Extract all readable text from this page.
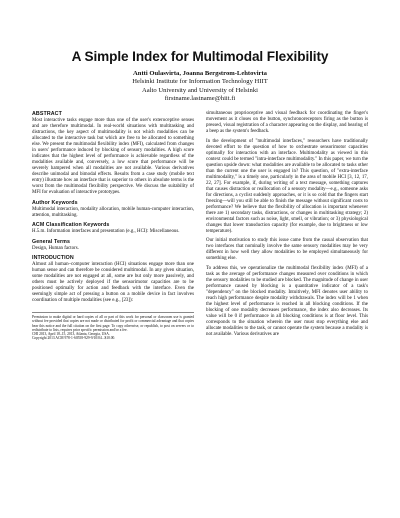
A Simple Index for Multimodal Flexibility
Antti Oulasvirta, Joanna Bergstrom-Lehtovirta
Helsinki Institute for Information Technology HIIT
Aalto University and University of Helsinki
firstname.lastname@hiit.fi
ABSTRACT
Most interactive tasks engage more than one of the user's exteroceptive senses and are therefore multimodal. In real-world situations with multitasking and distractions, the key aspect of multimodality is not which modalities can be allocated to the interactive task but which are free to be allocated to something else. We present the multimodal flexibility index (MFI), calculated from changes in users' performance induced by blocking of sensory modalities. A high score indicates that the highest level of performance is achievable regardless of the modalities available and, conversely, a low score that performance will be severely hampered when all modalities are not available. Various derivatives describe unimodal and bimodal effects. Results from a case study (mobile text entry) illustrate how an interface that is superior to others in absolute terms is the worst from the multimodal flexibility perspective. We discuss the suitability of MFI for evaluation of interactive prototypes.
Author Keywords
Multimodal interaction, modality allocation, mobile human-computer interaction, attention, multitasking.
ACM Classification Keywords
H.5.m. Information interfaces and presentation (e.g., HCI): Miscellaneous.
General Terms
Design, Human factors.
INTRODUCTION
Almost all human–computer interaction (HCI) situations engage more than one human sense and can therefore be considered multimodal. In any given situation, some modalities are not engaged at all, some are but only more passively, and others must be actively deployed if the sensorimotor capacities are to be positioned optimally for action and feedback with the interface. Even the seemingly simple act of pressing a button on a mobile device in fact involves coordination of multiple modalities (see e.g., [23]):
Permission to make digital or hard copies of all or part of this work for personal or classroom use is granted without fee provided that copies are not made or distributed for profit or commercial advantage and that copies bear this notice and the full citation on the first page. To copy otherwise, or republish, to post on servers or to redistribute to lists, requires prior specific permission and/or a fee.
CHI 2013, April 18–15, 2013, Atlanta, Georgia, USA.
Copyright 2013 ACM 978-1-60558-929-9/10/04...$10.00.
simultaneous proprioceptive and visual feedback for coordinating the finger's movement as it closes on the button, synchronoreceptors firing as the button is pressed, visual registration of a character appearing on the display, and hearing of a beep as the system's feedback.
In the development of "multimodal interfaces," researchers have traditionally devoted effort to the question of how to orchestrate sensorimotor capacities optimally for interaction with an interface. Multimodality as viewed in this context could be termed "intra-interface multimodality." In this paper, we turn the question upside down: what modalities are available to be allocated to tasks other than the current one the user is engaged in? This question, of "extra-interface multimodality," is a timely one, particularly in the area of mobile HCI [3, 12, 17, 22, 27]. For example, if, during writing of a text message, something captures that causes distraction or reallocation of a sensory modality—e.g., someone asks for directions, a cyclist suddenly approaches, or it is so cold that the fingers start freezing—will you still be able to finish the message without significant costs to performance? We believe that the flexibility of allocation is important whenever there are 1) secondary tasks, distractions, or changes in multitasking strategy; 2) environmental factors such as noise, light, smell, or vibration; or 3) physiological changes that lower transduction capacity (for example, due to brightness or low temperature).
Our initial motivation to study this issue came from the casual observation that two interfaces that nominally involve the same sensory modalities may be very different in how well they allow modalities to be employed simultaneously for something else.
To address this, we operationalize the multimodal flexibility index (MFI) of a task as the average of performance changes measured over conditions in which the sensory modalities to be studied are blocked. The magnitude of change in user performance caused by blocking is a quantitative indicator of a task's "dependency" on the blocked modality. Intuitively, MFI denotes user ability to reach high performance despite modality withdrawals. The index will be 1 when the highest level of performance is reached in all blocking conditions. If the blocking of one modality decreases performance, the index also decreases. Its value will be 0 if performance in all blocking conditions is at floor level. This corresponds to the situation wherein the user must stop everything else and allocate modalities to the task, or cannot operate the system because a modality is not available. Various derivatives are
